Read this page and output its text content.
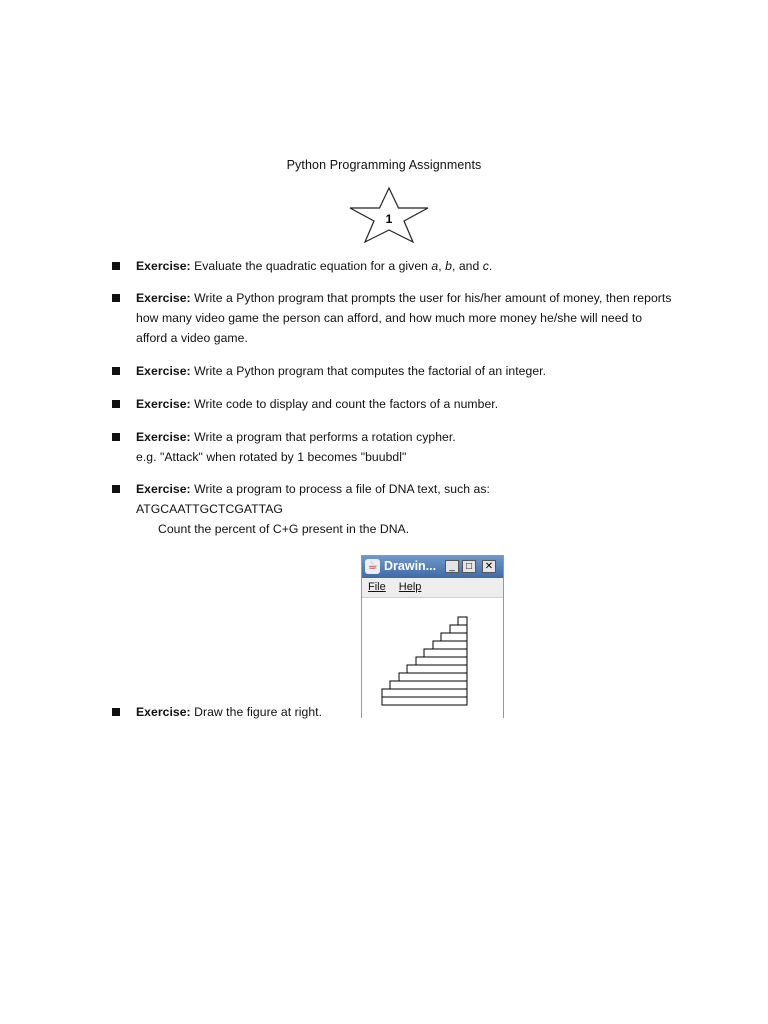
Python Programming Assignments
1
Exercise: Evaluate the quadratic equation for a given a, b, and c.
Exercise: Write a Python program that prompts the user for his/her amount of money, then reports how many video game the person can afford, and how much more money he/she will need to afford a video game.
Exercise: Write a Python program that computes the factorial of an integer.
Exercise: Write code to display and count the factors of a number.
Exercise: Write a program that performs a rotation cypher.
e.g. "Attack" when rotated by 1 becomes "buubdl"
Exercise: Write a program to process a file of DNA text, such as:
ATGCAATTGCTCGATTAG

Count the percent of C+G present in the DNA.
Exercise: Draw the figure at right.
☕ Drawin...	_	□	✕
File Help
